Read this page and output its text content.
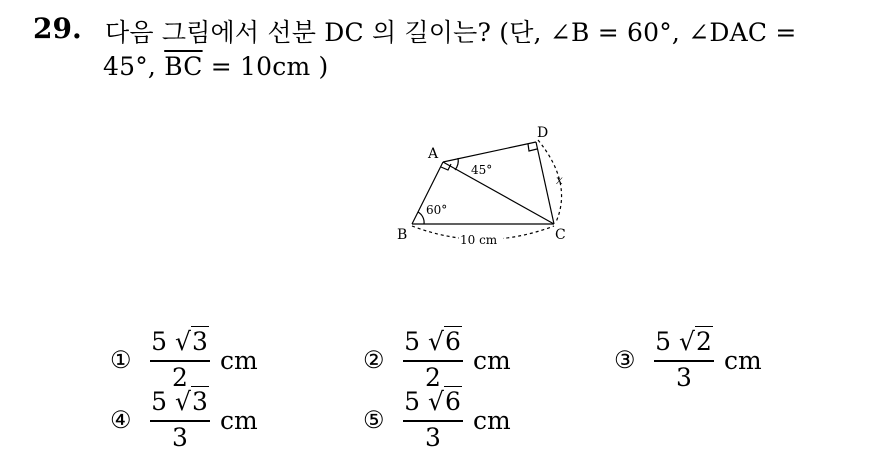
29. 다음 그림에서 선분 DC 의 길이는? (단, ∠B = 60°, ∠DAC =
45°, $\overline{BC} = 10cm$ )
A
B	C
D
60°
45°
10 cm
x
①
5 √3
2
cm	②
5 √6
2
cm	③
5 √2
3
cm
④
5 √3
3
cm	⑤
5 √6
3
cm
